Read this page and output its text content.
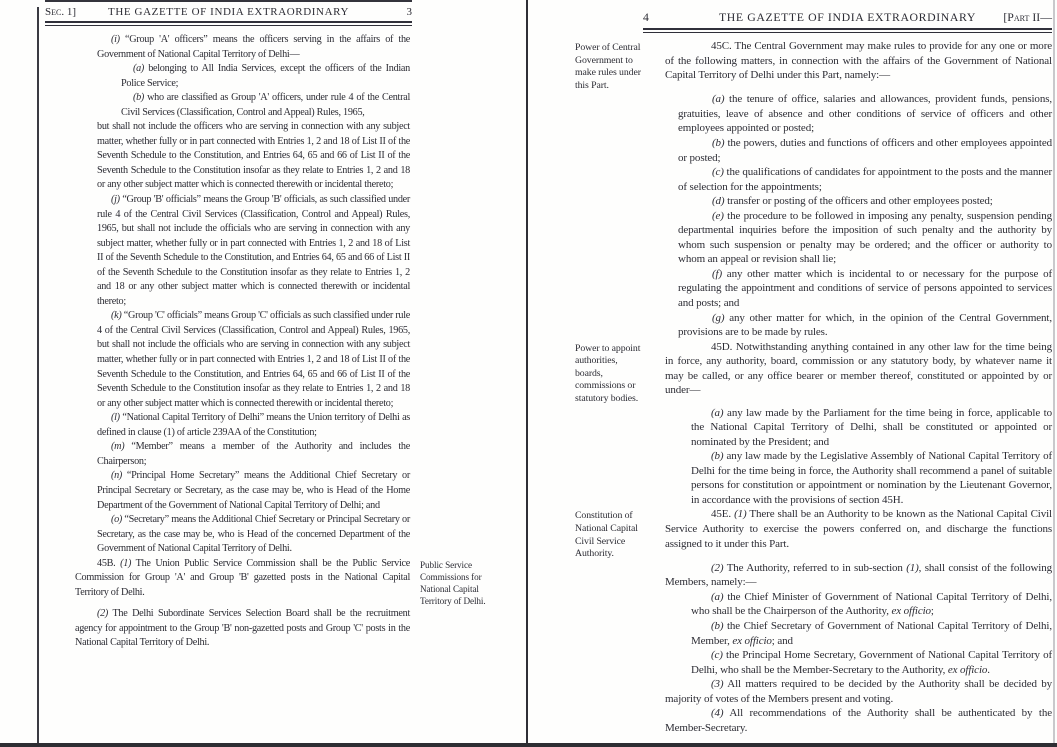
Sec. 1]	THE GAZETTE OF INDIA EXTRAORDINARY	3
(i) “Group 'A' officers” means the officers serving in the affairs of the Government of National Capital Territory of Delhi—
(a) belonging to All India Services, except the officers of the Indian Police Service;
(b) who are classified as Group 'A' officers, under rule 4 of the Central Civil Services (Classification, Control and Appeal) Rules, 1965,
but shall not include the officers who are serving in connection with any subject matter, whether fully or in part connected with Entries 1, 2 and 18 of List II of the Seventh Schedule to the Constitution, and Entries 64, 65 and 66 of List II of the Seventh Schedule to the Constitution insofar as they relate to Entries 1, 2 and 18 or any other subject matter which is connected therewith or incidental thereto;
(j) “Group 'B' officials” means the Group 'B' officials, as such classified under rule 4 of the Central Civil Services (Classification, Control and Appeal) Rules, 1965, but shall not include the officials who are serving in connection with any subject matter, whether fully or in part connected with Entries 1, 2 and 18 of List II of the Seventh Schedule to the Constitution, and Entries 64, 65 and 66 of List II of the Seventh Schedule to the Constitution insofar as they relate to Entries 1, 2 and 18 or any other subject matter which is connected therewith or incidental thereto;
(k) “Group 'C' officials” means Group 'C' officials as such classified under rule 4 of the Central Civil Services (Classification, Control and Appeal) Rules, 1965, but shall not include the officials who are serving in connection with any subject matter, whether fully or in part connected with Entries 1, 2 and 18 of List II of the Seventh Schedule to the Constitution, and Entries 64, 65 and 66 of List II of the Seventh Schedule to the Constitution insofar as they relate to Entries 1, 2 and 18 or any other subject matter which is connected therewith or incidental thereto;
(l) “National Capital Territory of Delhi” means the Union territory of Delhi as defined in clause (1) of article 239AA of the Constitution;
(m) “Member” means a member of the Authority and includes the Chairperson;
(n) “Principal Home Secretary” means the Additional Chief Secretary or Principal Secretary or Secretary, as the case may be, who is Head of the Home Department of the Government of National Capital Territory of Delhi; and
(o) “Secretary” means the Additional Chief Secretary or Principal Secretary or Secretary, as the case may be, who is Head of the concerned Department of the Government of National Capital Territory of Delhi.
45B. (1) The Union Public Service Commission shall be the Public Service Commission for Group 'A' and Group 'B' gazetted posts in the National Capital Territory of Delhi.
Public Service Commissions for National Capital Territory of Delhi.
(2) The Delhi Subordinate Services Selection Board shall be the recruitment agency for appointment to the Group 'B' non-gazetted posts and Group 'C' posts in the National Capital Territory of Delhi.
4	THE GAZETTE OF INDIA EXTRAORDINARY	[Part II—
Power of Central Government to make rules under this Part.
45C. The Central Government may make rules to provide for any one or more of the following matters, in connection with the affairs of the Government of National Capital Territory of Delhi under this Part, namely:—
(a) the tenure of office, salaries and allowances, provident funds, pensions, gratuities, leave of absence and other conditions of service of officers and other employees appointed or posted;
(b) the powers, duties and functions of officers and other employees appointed or posted;
(c) the qualifications of candidates for appointment to the posts and the manner of selection for the appointments;
(d) transfer or posting of the officers and other employees posted;
(e) the procedure to be followed in imposing any penalty, suspension pending departmental inquiries before the imposition of such penalty and the authority by whom such suspension or penalty may be ordered; and the officer or authority to whom an appeal or revision shall lie;
(f) any other matter which is incidental to or necessary for the purpose of regulating the appointment and conditions of service of persons appointed to services and posts; and
(g) any other matter for which, in the opinion of the Central Government, provisions are to be made by rules.
Power to appoint authorities, boards, commissions or statutory bodies.
45D. Notwithstanding anything contained in any other law for the time being in force, any authority, board, commission or any statutory body, by whatever name it may be called, or any office bearer or member thereof, constituted or appointed by or under—
(a) any law made by the Parliament for the time being in force, applicable to the National Capital Territory of Delhi, shall be constituted or appointed or nominated by the President; and
(b) any law made by the Legislative Assembly of National Capital Territory of Delhi for the time being in force, the Authority shall recommend a panel of suitable persons for constitution or appointment or nomination by the Lieutenant Governor, in accordance with the provisions of section 45H.
Constitution of National Capital Civil Service Authority.
45E. (1) There shall be an Authority to be known as the National Capital Civil Service Authority to exercise the powers conferred on, and discharge the functions assigned to it under this Part.
(2) The Authority, referred to in sub-section (1), shall consist of the following Members, namely:—
(a) the Chief Minister of Government of National Capital Territory of Delhi, who shall be the Chairperson of the Authority, ex officio;
(b) the Chief Secretary of Government of National Capital Territory of Delhi, Member, ex officio; and
(c) the Principal Home Secretary, Government of National Capital Territory of Delhi, who shall be the Member-Secretary to the Authority, ex officio.
(3) All matters required to be decided by the Authority shall be decided by majority of votes of the Members present and voting.
(4) All recommendations of the Authority shall be authenticated by the Member-Secretary.
